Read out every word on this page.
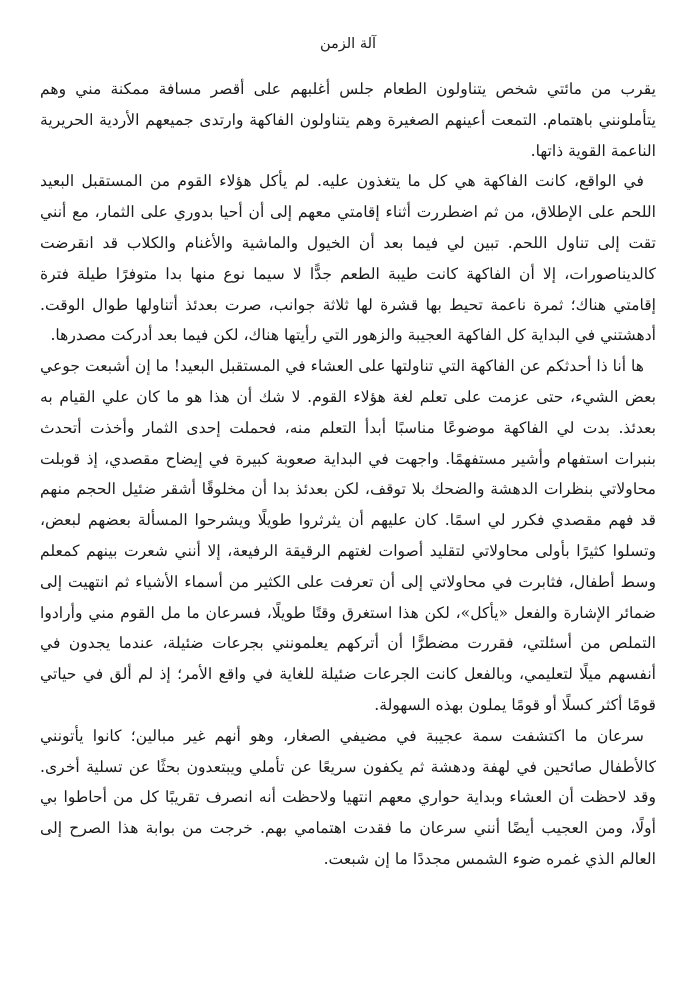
آلة الزمن

يقرب من مائتي شخص يتناولون الطعام جلس أغلبهم على أقصر مسافة ممكنة مني وهم يتأملونني باهتمام. التمعت أعينهم الصغيرة وهم يتناولون الفاكهة وارتدى جميعهم الأردية الحريرية الناعمة القوية ذاتها.

في الواقع، كانت الفاكهة هي كل ما يتغذون عليه. لم يأكل هؤلاء القوم من المستقبل البعيد اللحم على الإطلاق، من ثم اضطررت أثناء إقامتي معهم إلى أن أحيا بدوري على الثمار، مع أنني تقت إلى تناول اللحم. تبين لي فيما بعد أن الخيول والماشية والأغنام والكلاب قد انقرضت كالديناصورات، إلا أن الفاكهة كانت طيبة الطعم جدًّا لا سيما نوع منها بدا متوفرًا طيلة فترة إقامتي هناك؛ ثمرة ناعمة تحيط بها قشرة لها ثلاثة جوانب، صرت بعدئذ أتناولها طوال الوقت. أدهشتني في البداية كل الفاكهة العجيبة والزهور التي رأيتها هناك، لكن فيما بعد أدركت مصدرها.

ها أنا ذا أحدثكم عن الفاكهة التي تناولتها على العشاء في المستقبل البعيد! ما إن أشبعت جوعي بعض الشيء، حتى عزمت على تعلم لغة هؤلاء القوم. لا شك أن هذا هو ما كان علي القيام به بعدئذ. بدت لي الفاكهة موضوعًا مناسبًا أبدأ التعلم منه، فحملت إحدى الثمار وأخذت أتحدث بنبرات استفهام وأشير مستفهمًا. واجهت في البداية صعوبة كبيرة في إيضاح مقصدي، إذ قوبلت محاولاتي بنظرات الدهشة والضحك بلا توقف، لكن بعدئذ بدا أن مخلوقًا أشقر ضئيل الحجم منهم قد فهم مقصدي فكرر لي اسمًا. كان عليهم أن يثرثروا طويلًا ويشرحوا المسألة بعضهم لبعض، وتسلوا كثيرًا بأولى محاولاتي لتقليد أصوات لغتهم الرقيقة الرفيعة، إلا أنني شعرت بينهم كمعلم وسط أطفال، فثابرت في محاولاتي إلى أن تعرفت على الكثير من أسماء الأشياء ثم انتهيت إلى ضمائر الإشارة والفعل «يأكل»، لكن هذا استغرق وقتًا طويلًا، فسرعان ما مل القوم مني وأرادوا التملص من أسئلتي، فقررت مضطرًّا أن أتركهم يعلمونني بجرعات ضئيلة، عندما يجدون في أنفسهم ميلًا لتعليمي، وبالفعل كانت الجرعات ضئيلة للغاية في واقع الأمر؛ إذ لم ألق في حياتي قومًا أكثر كسلًا أو قومًا يملون بهذه السهولة.

سرعان ما اكتشفت سمة عجيبة في مضيفي الصغار، وهو أنهم غير مبالين؛ كانوا يأتونني كالأطفال صائحين في لهفة ودهشة ثم يكفون سريعًا عن تأملي ويبتعدون بحثًا عن تسلية أخرى. وقد لاحظت أن العشاء وبداية حواري معهم انتهيا ولاحظت أنه انصرف تقريبًا كل من أحاطوا بي أولًا، ومن العجيب أيضًا أنني سرعان ما فقدت اهتمامي بهم. خرجت من بوابة هذا الصرح إلى العالم الذي غمره ضوء الشمس مجددًا ما إن شبعت.
